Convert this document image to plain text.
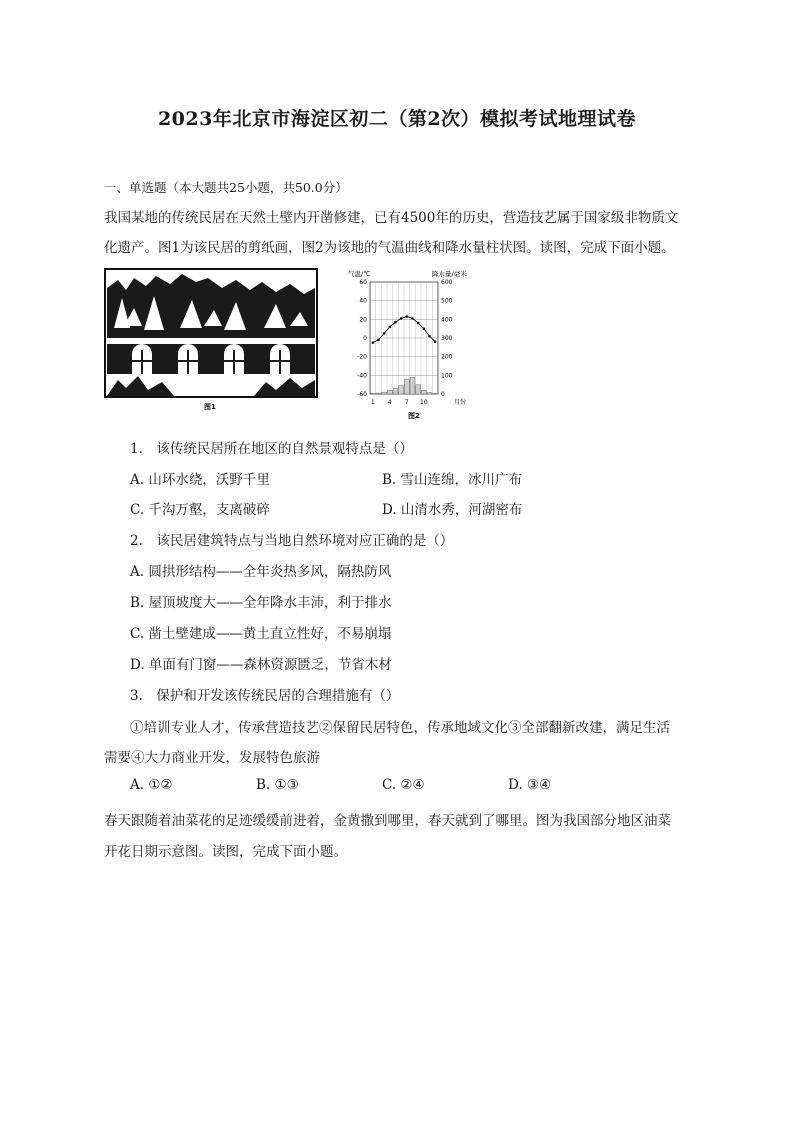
2023年北京市海淀区初二（第2次）模拟考试地理试卷
一、单选题（本大题共25小题，共50.0分）
我国某地的传统民居在天然土壁内开凿修建，已有4500年的历史，营造技艺属于国家级非物质文
化遗产。图1为该民居的剪纸画，图2为该地的气温曲线和降水量柱状图。读图，完成下面小题。
图1
气温/℃	降水量/毫米
60
40
20
0
-20
-40
-60
600
500
400
300
200
100
0
1 4 7 10	月份
图2
1.　该传统民居所在地区的自然景观特点是（）
A. 山环水绕，沃野千里	B. 雪山连绵，冰川广布
C. 千沟万壑，支离破碎	D. 山清水秀，河湖密布
2.　该民居建筑特点与当地自然环境对应正确的是（）
A. 圆拱形结构——全年炎热多风，隔热防风
B. 屋顶坡度大——全年降水丰沛，利于排水
C. 凿土壁建成——黄土直立性好，不易崩塌
D. 单面有门窗——森林资源匮乏，节省木材
3.　保护和开发该传统民居的合理措施有（）
①培训专业人才，传承营造技艺②保留民居特色，传承地域文化③全部翻新改建，满足生活
需要④大力商业开发，发展特色旅游
A. ①②	B. ①③	C. ②④	D. ③④
春天跟随着油菜花的足迹缓缓前进着，金黄撒到哪里，春天就到了哪里。图为我国部分地区油菜
开花日期示意图。读图，完成下面小题。
